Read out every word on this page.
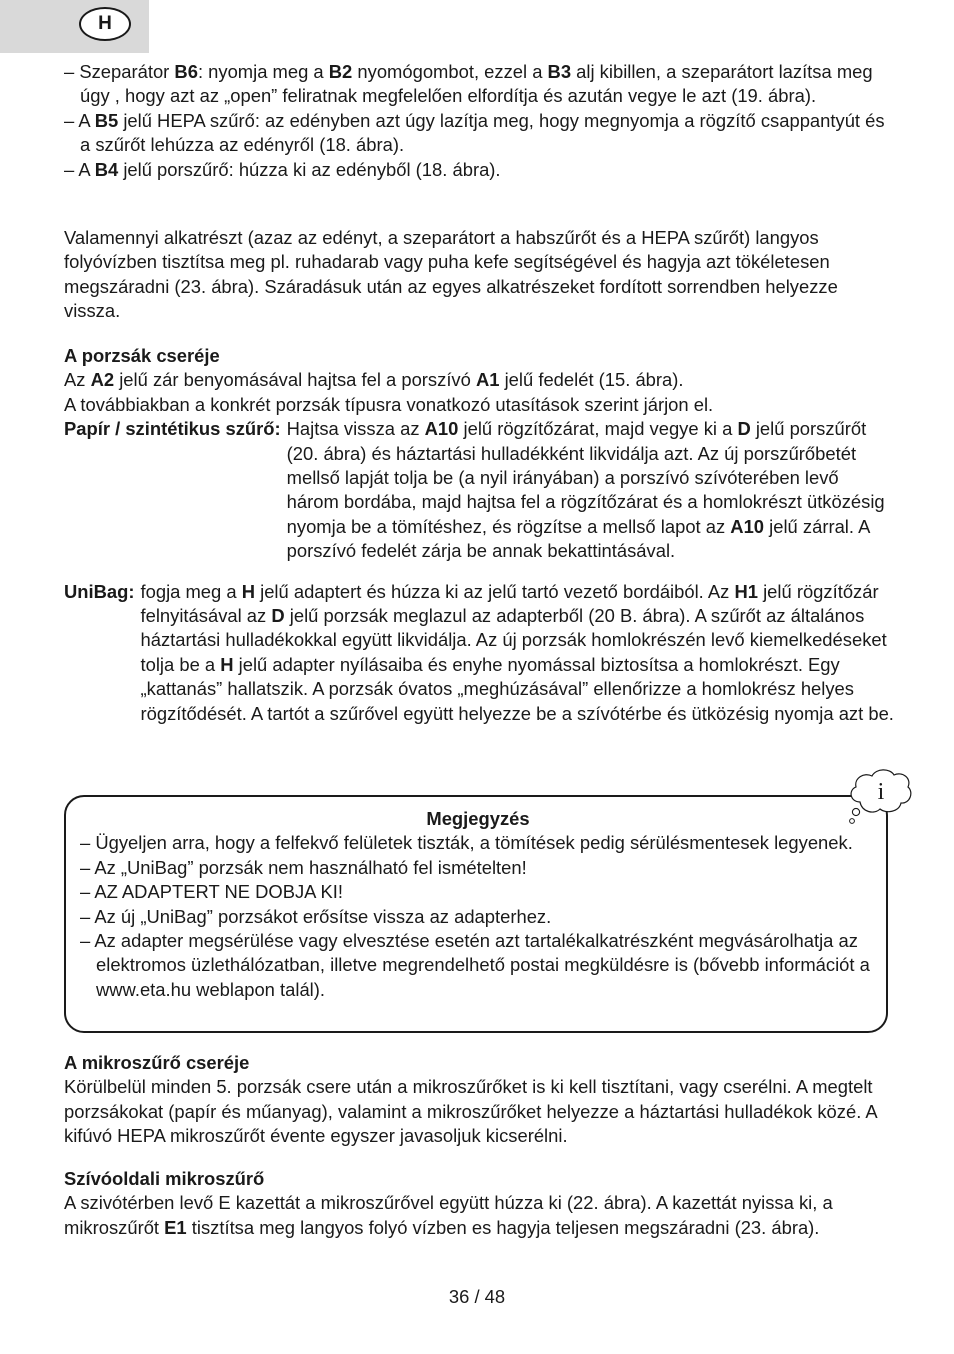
H

– Szeparátor B6: nyomja meg a B2 nyomógombot, ezzel a B3 alj kibillen, a szeparátort lazítsa meg úgy , hogy azt az „open” feliratnak megfelelően elfordítja és azután vegye le azt (19. ábra).

– A B5 jelű HEPA szűrő: az edényben azt úgy lazítja meg, hogy megnyomja a rögzítő csappantyút és a szűrőt lehúzza az edényről (18. ábra).

– A B4 jelű porszűrő: húzza ki az edényből (18. ábra).

Valamennyi alkatrészt (azaz az edényt, a szeparátort a habszűrőt és a HEPA szűrőt) langyos folyóvízben tisztítsa meg pl. ruhadarab vagy puha kefe segítségével és hagyja azt tökéletesen megszáradni (23. ábra). Száradásuk után az egyes alkatrészeket fordított sorrendben helyezze vissza.

A porzsák cseréje

Az A2 jelű zár benyomásával hajtsa fel a porszívó A1 jelű fedelét (15. ábra).

A továbbiakban a konkrét porzsák típusra vonatkozó utasítások szerint járjon el.

Papír / szintétikus szűrő: Hajtsa vissza az A10 jelű rögzítőzárat, majd vegye ki a D jelű porszűrőt (20. ábra) és háztartási hulladékként likvidálja azt. Az új porszűrőbetét mellső lapját tolja be (a nyil irányában) a porszívó szívóterében levő három bordába, majd hajtsa fel a rögzítőzárat és a homlokrészt ütközésig nyomja be a tömítéshez, és rögzítse a mellső lapot az A10 jelű zárral. A porszívó fedelét zárja be annak bekattintásával.
UniBag: fogja meg a H jelű adaptert és húzza ki az jelű tartó vezető bordáiból. Az H1 jelű rögzítőzár felnyitásával az D jelű porzsák meglazul az adapterből (20 B. ábra). A szűrőt az általános háztartási hulladékokkal együtt likvidálja. Az új porzsák homlokrészén levő kiemelkedéseket tolja be a H jelű adapter nyílásaiba és enyhe nyomással biztosítsa a homlokrészt. Egy „kattanás” hallatszik. A porzsák óvatos „meghúzásával” ellenőrizze a homlokrész helyes rögzítődését. A tartót a szűrővel együtt helyezze be a szívótérbe és ütközésig nyomja azt be.

Megjegyzés

– Ügyeljen arra, hogy a felfekvő felületek tiszták, a tömítések pedig sérülésmentesek legyenek.

– Az „UniBag” porzsák nem használható fel ismételten!

– AZ ADAPTERT NE DOBJA KI!

– Az új „UniBag” porzsákot erősítse vissza az adapterhez.

– Az adapter megsérülése vagy elvesztése esetén azt tartalékalkatrészként megvásárolhatja az elektromos üzlethálózatban, illetve megrendelhető postai megküldésre is (bővebb információt a www.eta.hu weblapon talál).

i

A mikroszűrő cseréje

Körülbelül minden 5. porzsák csere után a mikroszűrőket is ki kell tisztítani, vagy cserélni. A megtelt porzsákokat (papír és műanyag), valamint a mikroszűrőket helyezze a háztartási hulladékok közé. A kifúvó HEPA mikroszűrőt évente egyszer javasoljuk kicserélni.

Szívóoldali mikroszűrő

A szivótérben levő E kazettát a mikroszűrővel együtt húzza ki (22. ábra). A kazettát nyissa ki, a mikroszűrőt E1 tisztítsa meg langyos folyó vízben es hagyja teljesen megszáradni (23. ábra).

36 / 48
